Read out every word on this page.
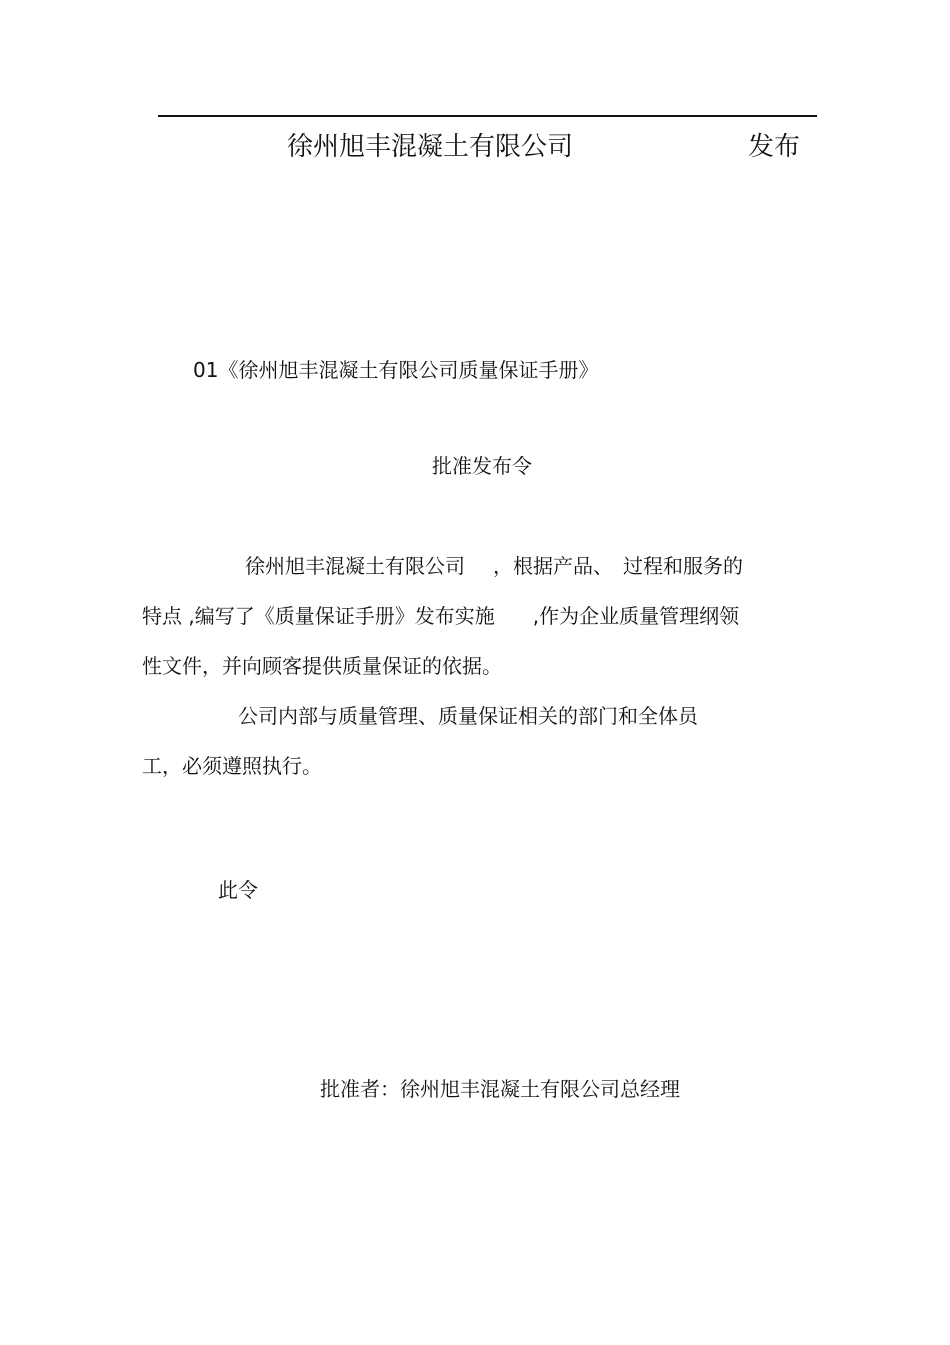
徐州旭丰混凝土有限公司	发布
01《徐州旭丰混凝土有限公司质量保证手册》
批准发布令
徐州旭丰混凝土有限公司 ，根据产品、 过程和服务的
特点 ,编写了《质量保证手册》发布实施 ,作为企业质量管理纲领
性文件，并向顾客提供质量保证的依据。
公司内部与质量管理、质量保证相关的部门和全体员
工，必须遵照执行。
此令
批准者：徐州旭丰混凝土有限公司总经理
